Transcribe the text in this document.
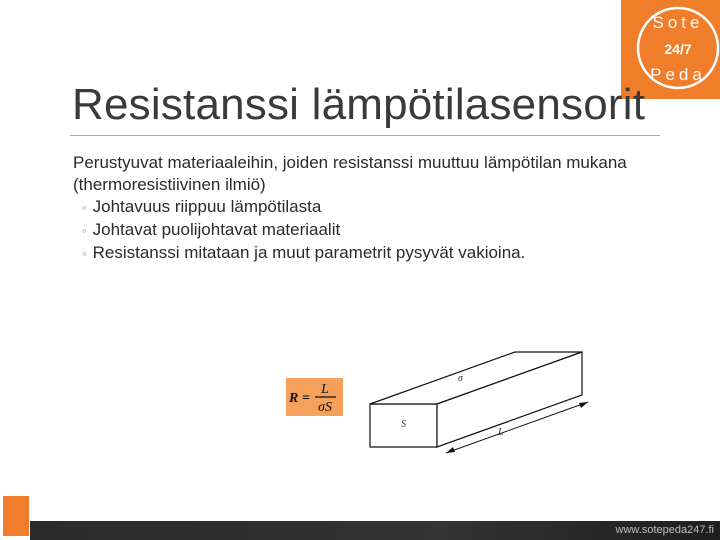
Sote
24/7
Peda
Resistanssi lämpötilasensorit

Perustyuvat materiaaleihin, joiden resistanssi muuttuu lämpötilan mukana (thermoresistiivinen ilmiö)

◦ Johtavuus riippuu lämpötilasta
◦ Johtavat puolijohtavat materiaalit
◦ Resistanssi mitataan ja muut parametrit pysyvät vakioina.
R =
L
σS
σ
S
L
www.sotepeda247.fi
